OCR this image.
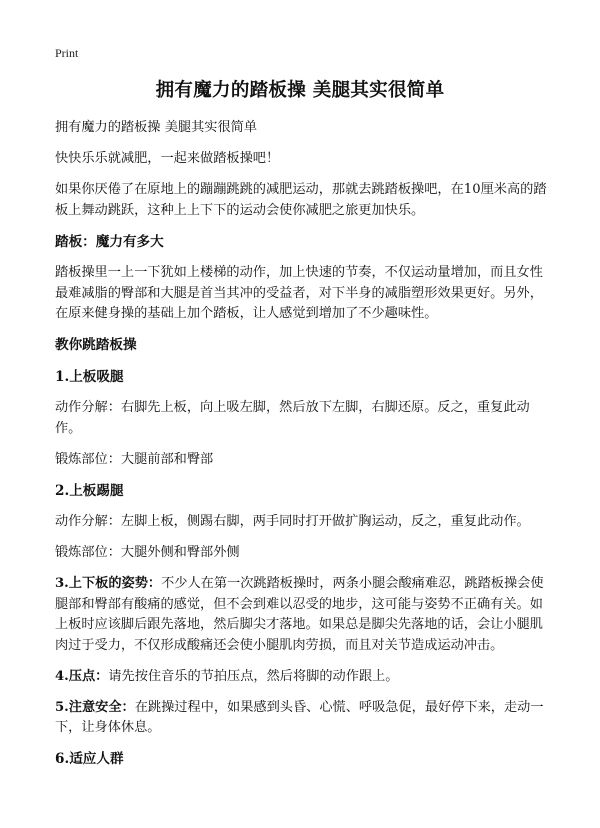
Print
拥有魔力的踏板操 美腿其实很简单
拥有魔力的踏板操 美腿其实很简单
快快乐乐就减肥，一起来做踏板操吧！
如果你厌倦了在原地上的蹦蹦跳跳的减肥运动，那就去跳踏板操吧，在10厘米高的踏板上舞动跳跃，这种上上下下的运动会使你减肥之旅更加快乐。
踏板：魔力有多大
踏板操里一上一下犹如上楼梯的动作，加上快速的节奏，不仅运动量增加，而且女性最难减脂的臀部和大腿是首当其冲的受益者，对下半身的减脂塑形效果更好。另外，在原来健身操的基础上加个踏板，让人感觉到增加了不少趣味性。
教你跳踏板操
1.上板吸腿
动作分解：右脚先上板，向上吸左脚，然后放下左脚，右脚还原。反之，重复此动作。
锻炼部位：大腿前部和臀部
2.上板踢腿
动作分解：左脚上板，侧踢右脚，两手同时打开做扩胸运动，反之，重复此动作。
锻炼部位：大腿外侧和臀部外侧
3.上下板的姿势：不少人在第一次跳踏板操时，两条小腿会酸痛难忍，跳踏板操会使腿部和臀部有酸痛的感觉，但不会到难以忍受的地步，这可能与姿势不正确有关。如上板时应该脚后跟先落地，然后脚尖才落地。如果总是脚尖先落地的话，会让小腿肌肉过于受力，不仅形成酸痛还会使小腿肌肉劳损，而且对关节造成运动冲击。
4.压点：请先按住音乐的节拍压点，然后将脚的动作跟上。
5.注意安全：在跳操过程中，如果感到头昏、心慌、呼吸急促，最好停下来，走动一下，让身体休息。
6.适应人群
